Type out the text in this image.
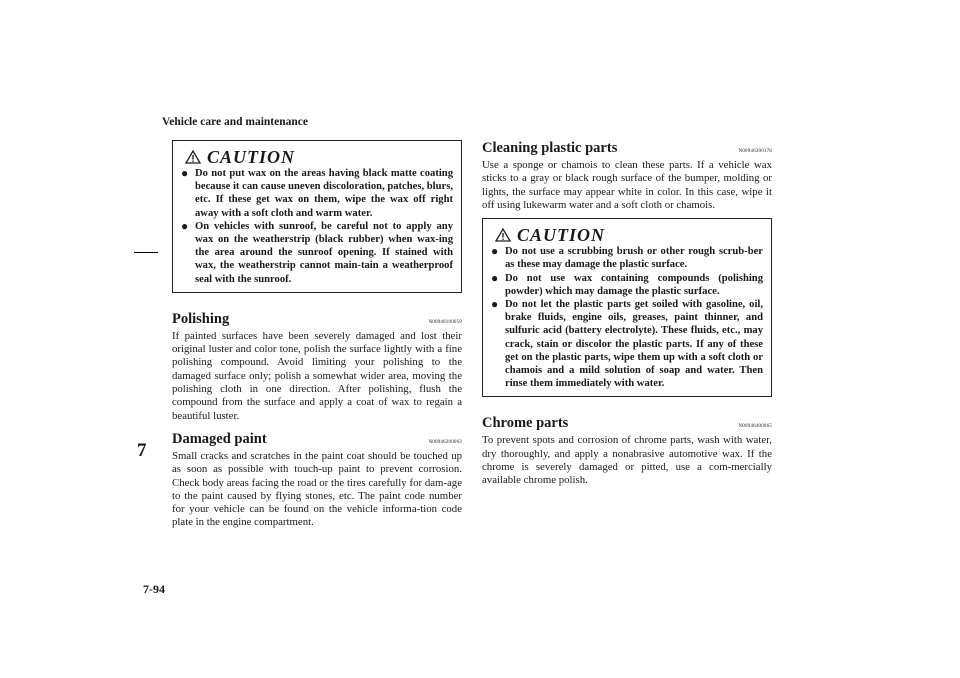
Vehicle care and maintenance
7
CAUTION
● Do not put wax on the areas having black matte coating because it can cause uneven discoloration, patches, blurs, etc. If these get wax on them, wipe the wax off right away with a soft cloth and warm water.
● On vehicles with sunroof, be careful not to apply any wax on the weatherstrip (black rubber) when wax-ing the area around the sunroof opening. If stained with wax, the weatherstrip cannot main-tain a weatherproof seal with the sunroof.
Polishing	N00946100059

If painted surfaces have been severely damaged and lost their original luster and color tone, polish the surface lightly with a fine polishing compound. Avoid limiting your polishing to the damaged surface only; polish a somewhat wider area, moving the polishing cloth in one direction. After polishing, flush the compound from the surface and apply a coat of wax to regain a beautiful luster.

Damaged paint	N00946200063

Small cracks and scratches in the paint coat should be touched up as soon as possible with touch-up paint to prevent corrosion. Check body areas facing the road or the tires carefully for dam-age to the paint caused by flying stones, etc. The paint code number for your vehicle can be found on the vehicle informa-tion code plate in the engine compartment.

Cleaning plastic parts	N00946300178

Use a sponge or chamois to clean these parts. If a vehicle wax sticks to a gray or black rough surface of the bumper, molding or lights, the surface may appear white in color. In this case, wipe it off using lukewarm water and a soft cloth or chamois.

CAUTION
● Do not use a scrubbing brush or other rough scrub-ber as these may damage the plastic surface.
● Do not use wax containing compounds (polishing powder) which may damage the plastic surface.
● Do not let the plastic parts get soiled with gasoline, oil, brake fluids, engine oils, greases, paint thinner, and sulfuric acid (battery electrolyte). These fluids, etc., may crack, stain or discolor the plastic parts. If any of these get on the plastic parts, wipe them up with a soft cloth or chamois and a mild solution of soap and water. Then rinse them immediately with water.
Chrome parts	N00946400065

To prevent spots and corrosion of chrome parts, wash with water, dry thoroughly, and apply a nonabrasive automotive wax. If the chrome is severely damaged or pitted, use a com-mercially available chrome polish.

7-94
